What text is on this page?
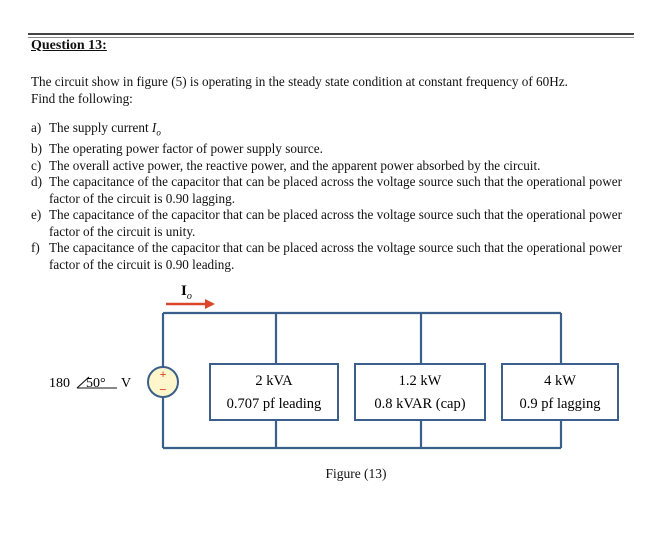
Question 13:
The circuit show in figure (5) is operating in the steady state condition at constant frequency of 60Hz.
Find the following:
a) The supply current $I_o$
b) The operating power factor of power supply source.
c) The overall active power, the reactive power, and the apparent power absorbed by the circuit.
d) The capacitance of the capacitor that can be placed across the voltage source such that the operational power factor of the circuit is 0.90 lagging.
e) The capacitance of the capacitor that can be placed across the voltage source such that the operational power factor of the circuit is unity.
f) The capacitance of the capacitor that can be placed across the voltage source such that the operational power factor of the circuit is 0.90 leading.
$I_o$
+
−
180 50° V	2 kVA
0.707 pf leading
1.2 kW
0.8 kVAR (cap)
4 kW
0.9 pf lagging
Figure (13)
